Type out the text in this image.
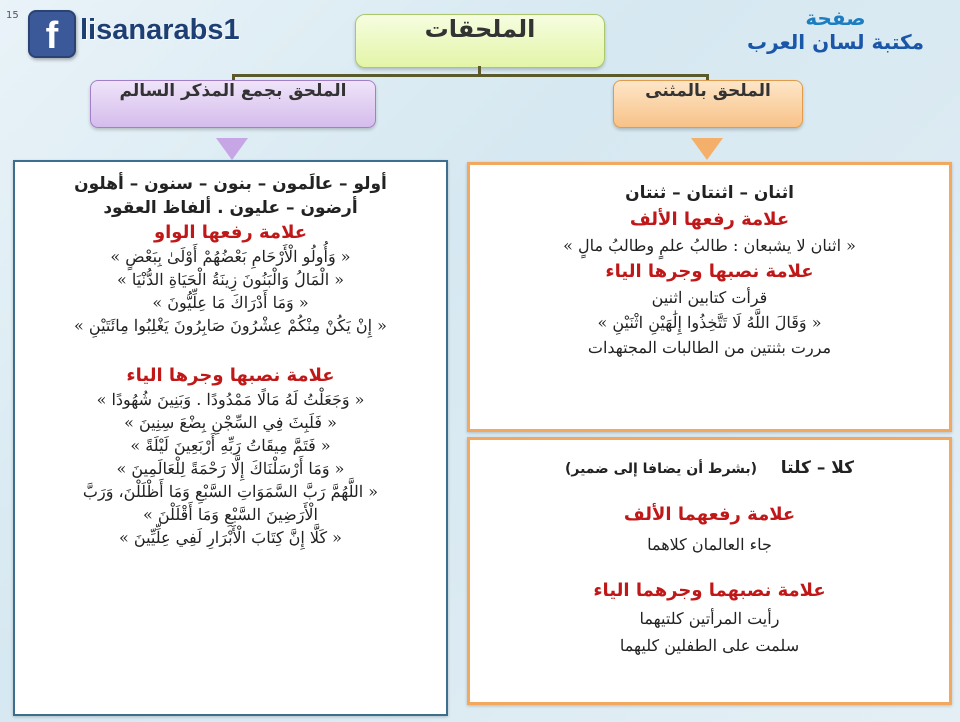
15 f lisanarabs1	صفحة
مكتبة لسان العرب
الملحقات
الملحق بالمثنى
الملحق بجمع المذكر السالم
اثنان – اثنتان – ثنتان
علامة رفعها الألف
« اثنان لا يشبعان : طالبُ علمٍ وطالبُ مالٍ »
علامة نصبها وجرها الياء
قرأت كتابين اثنين
« وَقَالَ اللَّهُ لَا تَتَّخِذُوا إِلَٰهَيْنِ اثْنَيْنِ »
مررت بثنتين من الطالبات المجتهدات
كلا – كلتا    (بشرط أن يضافا إلى ضمير)
علامة رفعهما الألف
جاء العالمان كلاهما
علامة نصبهما وجرهما الياء
رأيت المرأتين كلتيهما
سلمت على الطفلين كليهما
أولو – عالَمون – بنون – سنون – أهلون
أرضون – عليون . ألفاظ العقود
علامة رفعها الواو
« وَأُولُو الْأَرْحَامِ بَعْضُهُمْ أَوْلَىٰ بِبَعْضٍ »
« الْمَالُ وَالْبَنُونَ زِينَةُ الْحَيَاةِ الدُّنْيَا »
« وَمَا أَدْرَاكَ مَا عِلِّيُّونَ »
« إِنْ يَكُنْ مِنْكُمْ عِشْرُونَ صَابِرُونَ يَغْلِبُوا مِائَتَيْنِ »
علامة نصبها وجرها الياء
« وَجَعَلْتُ لَهُ مَالًا مَمْدُودًا . وَبَنِينَ شُهُودًا »
« فَلَبِثَ فِي السِّجْنِ بِضْعَ سِنِينَ »
« فَتَمَّ مِيقَاتُ رَبِّهِ أَرْبَعِينَ لَيْلَةً »
« وَمَا أَرْسَلْنَاكَ إِلَّا رَحْمَةً لِلْعَالَمِينَ »
« اللَّهُمَّ رَبَّ السَّمَوَاتِ السَّبْعِ وَمَا أَظْلَلْنَ، وَرَبَّ
الْأَرَضِينَ السَّبْعِ وَمَا أَقْلَلْنَ »
« كَلَّا إِنَّ كِتَابَ الْأَبْرَارِ لَفِي عِلِّيِّينَ »
